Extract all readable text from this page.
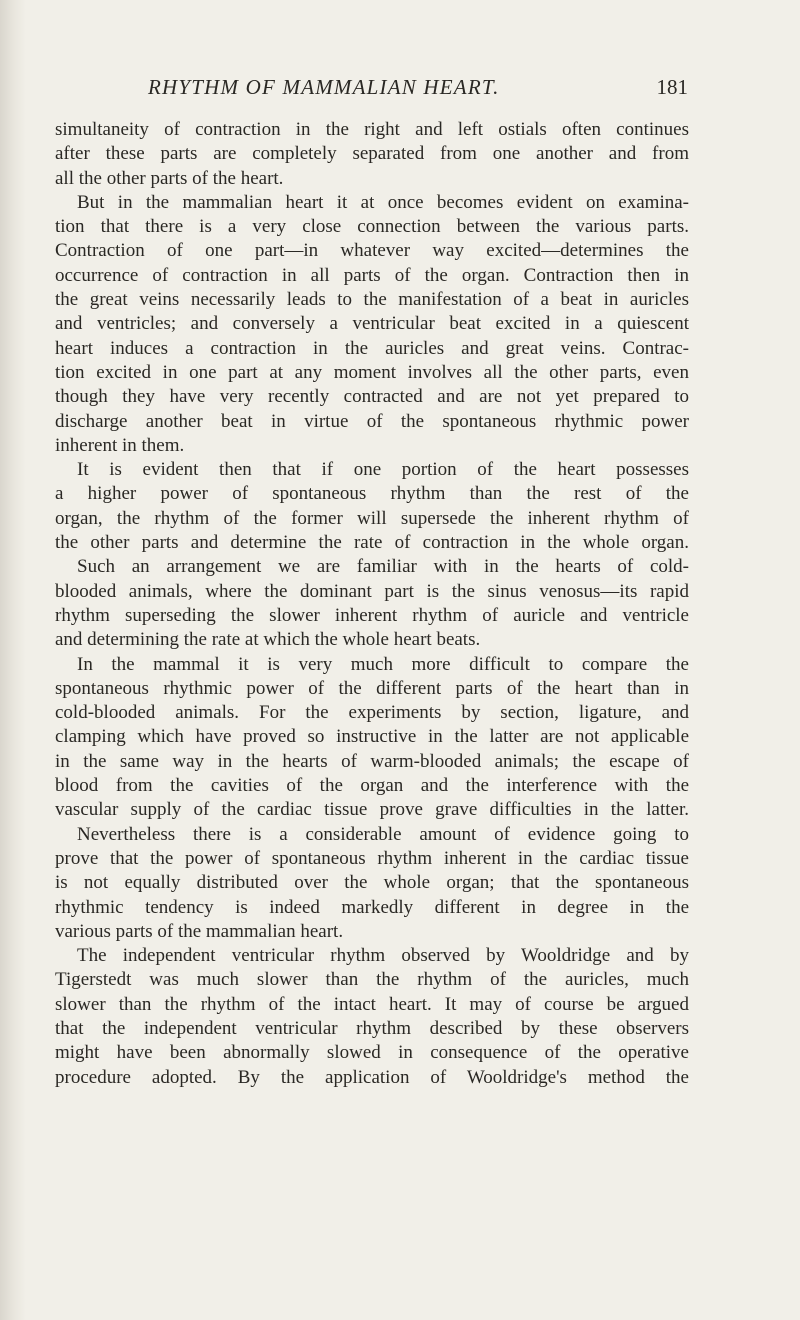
RHYTHM OF MAMMALIAN HEART.	181
simultaneity of contraction in the right and left ostials often continues
after these parts are completely separated from one another and from
all the other parts of the heart.
But in the mammalian heart it at once becomes evident on examina-
tion that there is a very close connection between the various parts.
Contraction of one part—in whatever way excited—determines the
occurrence of contraction in all parts of the organ. Contraction then in
the great veins necessarily leads to the manifestation of a beat in auricles
and ventricles; and conversely a ventricular beat excited in a quiescent
heart induces a contraction in the auricles and great veins. Contrac-
tion excited in one part at any moment involves all the other parts, even
though they have very recently contracted and are not yet prepared to
discharge another beat in virtue of the spontaneous rhythmic power
inherent in them.
It is evident then that if one portion of the heart possesses
a higher power of spontaneous rhythm than the rest of the
organ, the rhythm of the former will supersede the inherent rhythm of
the other parts and determine the rate of contraction in the whole organ.
Such an arrangement we are familiar with in the hearts of cold-
blooded animals, where the dominant part is the sinus venosus—its rapid
rhythm superseding the slower inherent rhythm of auricle and ventricle
and determining the rate at which the whole heart beats.
In the mammal it is very much more difficult to compare the
spontaneous rhythmic power of the different parts of the heart than in
cold-blooded animals. For the experiments by section, ligature, and
clamping which have proved so instructive in the latter are not applicable
in the same way in the hearts of warm-blooded animals; the escape of
blood from the cavities of the organ and the interference with the
vascular supply of the cardiac tissue prove grave difficulties in the latter.
Nevertheless there is a considerable amount of evidence going to
prove that the power of spontaneous rhythm inherent in the cardiac tissue
is not equally distributed over the whole organ; that the spontaneous
rhythmic tendency is indeed markedly different in degree in the
various parts of the mammalian heart.
The independent ventricular rhythm observed by Wooldridge and by
Tigerstedt was much slower than the rhythm of the auricles, much
slower than the rhythm of the intact heart. It may of course be argued
that the independent ventricular rhythm described by these observers
might have been abnormally slowed in consequence of the operative
procedure adopted. By the application of Wooldridge's method the
